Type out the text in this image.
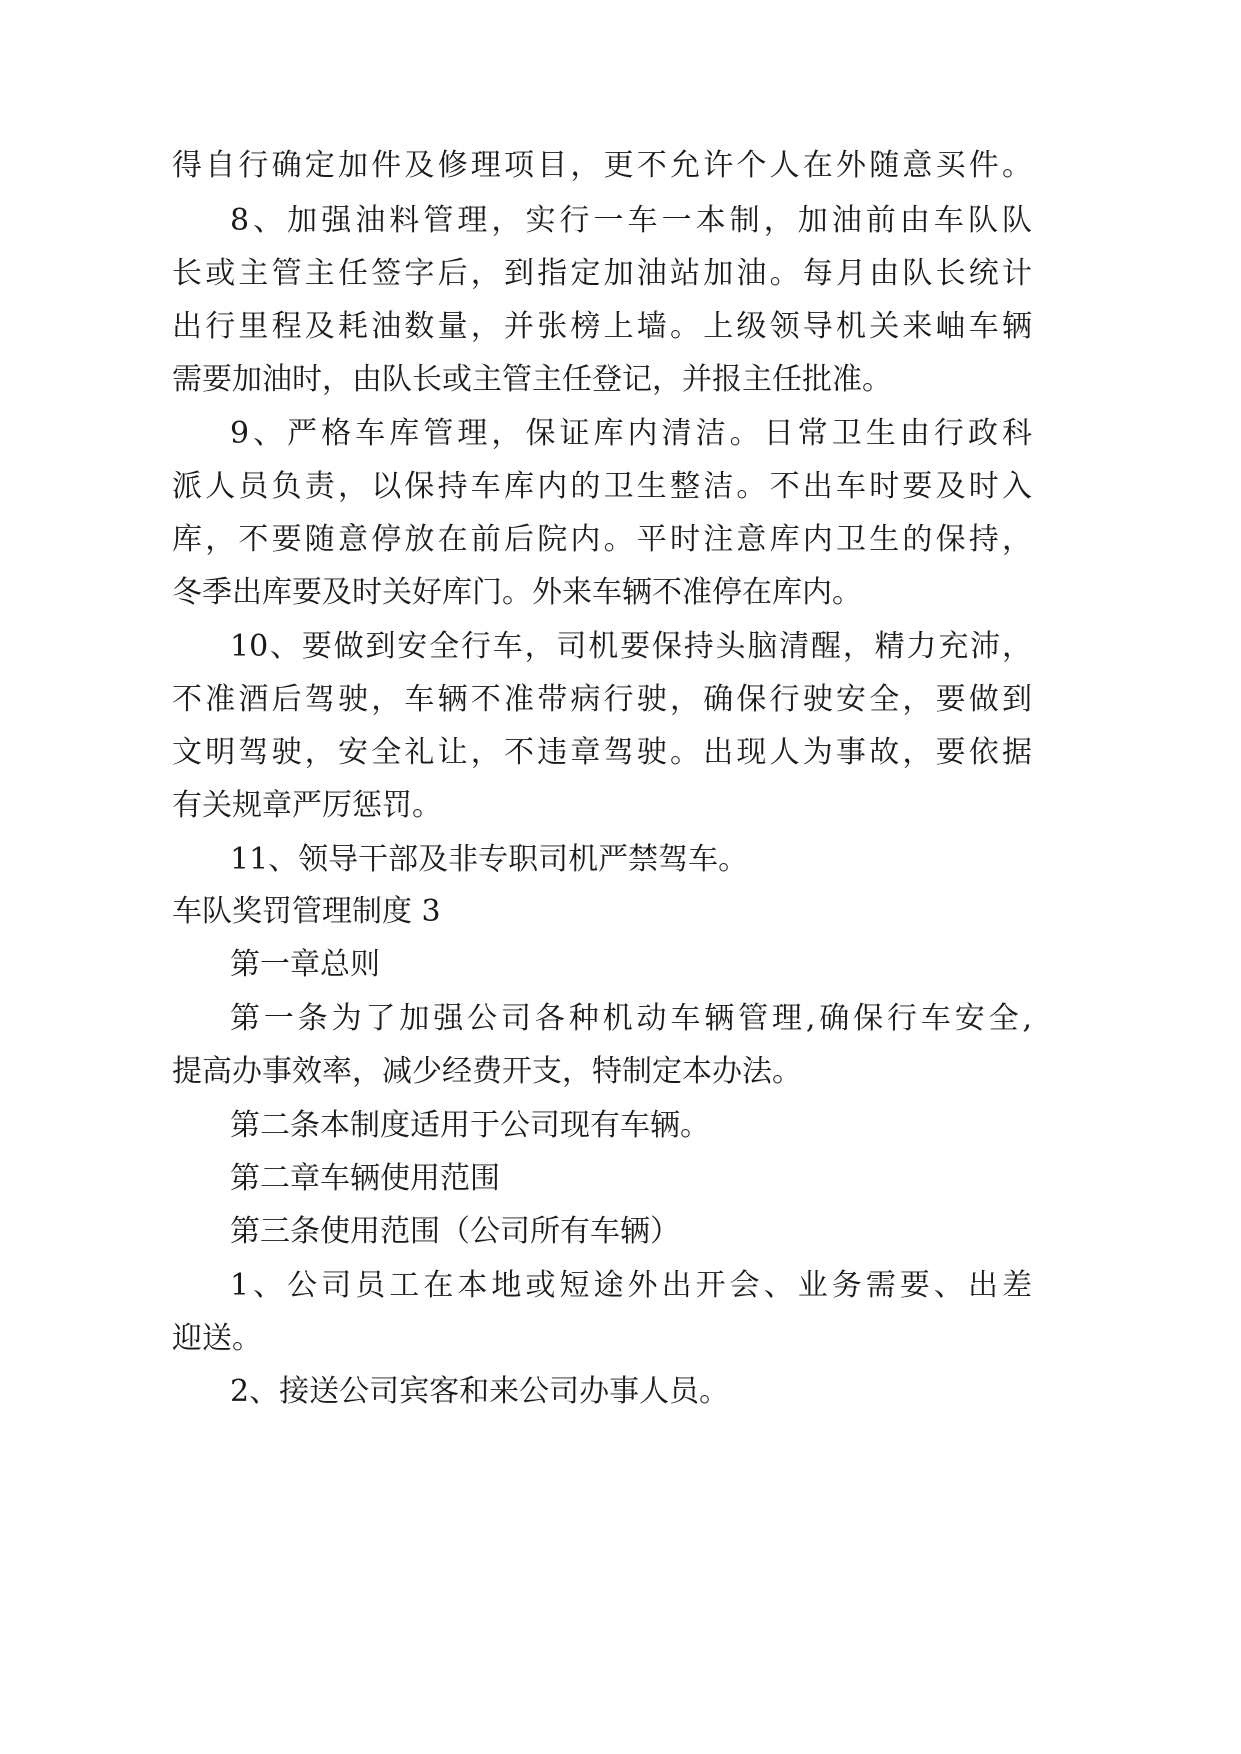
得自行确定加件及修理项目，更不允许个人在外随意买件。
8、加强油料管理，实行一车一本制，加油前由车队队
长或主管主任签字后，到指定加油站加油。每月由队长统计
出行里程及耗油数量，并张榜上墙。上级领导机关来岫车辆
需要加油时，由队长或主管主任登记，并报主任批准。
9、严格车库管理，保证库内清洁。日常卫生由行政科
派人员负责，以保持车库内的卫生整洁。不出车时要及时入
库，不要随意停放在前后院内。平时注意库内卫生的保持，
冬季出库要及时关好库门。外来车辆不准停在库内。
10、要做到安全行车，司机要保持头脑清醒，精力充沛，
不准酒后驾驶，车辆不准带病行驶，确保行驶安全，要做到
文明驾驶，安全礼让，不违章驾驶。出现人为事故，要依据
有关规章严厉惩罚。
11、领导干部及非专职司机严禁驾车。
车队奖罚管理制度 3
第一章总则
第一条为了加强公司各种机动车辆管理,确保行车安全,
提高办事效率，减少经费开支，特制定本办法。
第二条本制度适用于公司现有车辆。
第二章车辆使用范围
第三条使用范围（公司所有车辆）
1、公司员工在本地或短途外出开会、业务需要、出差
迎送。
2、接送公司宾客和来公司办事人员。
